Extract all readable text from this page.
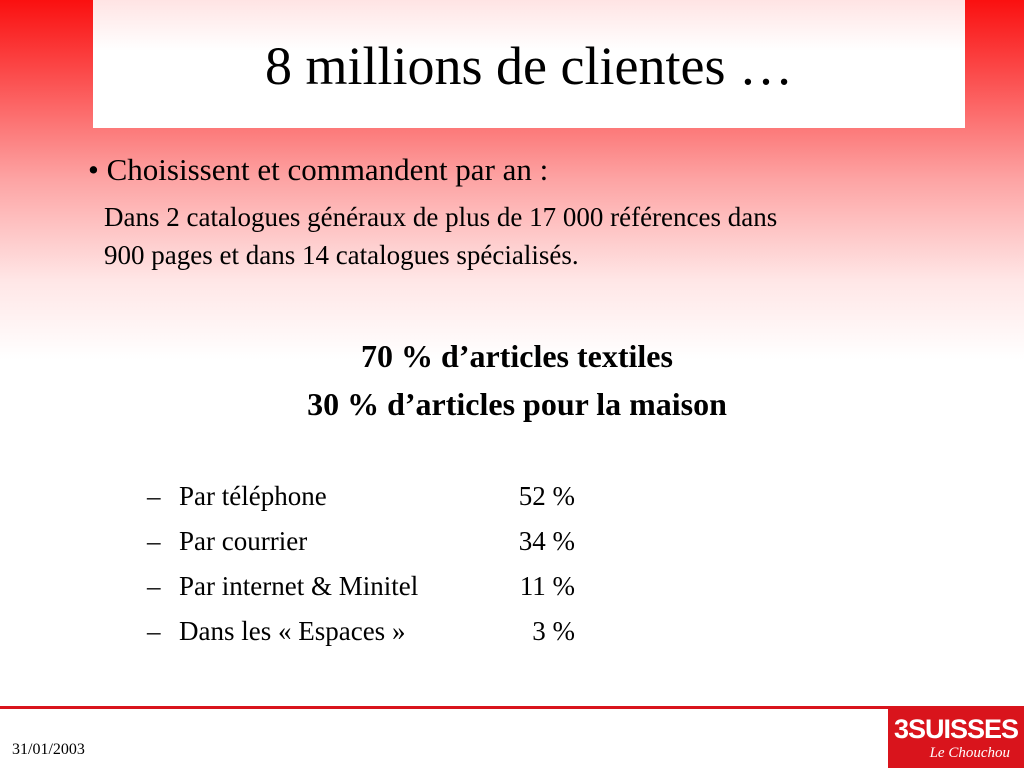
8 millions de clientes …
• Choisissent et commandent par an :
Dans 2 catalogues généraux de plus de 17 000 références dans
900 pages et dans 14 catalogues spécialisés.
70 % d’articles textiles
30 % d’articles pour la maison
– Par téléphone	52 %
– Par courrier	34 %
– Par internet & Minitel	11 %
– Dans les « Espaces »	3 %
31/01/2003
3SUISSES
Le Chouchou
